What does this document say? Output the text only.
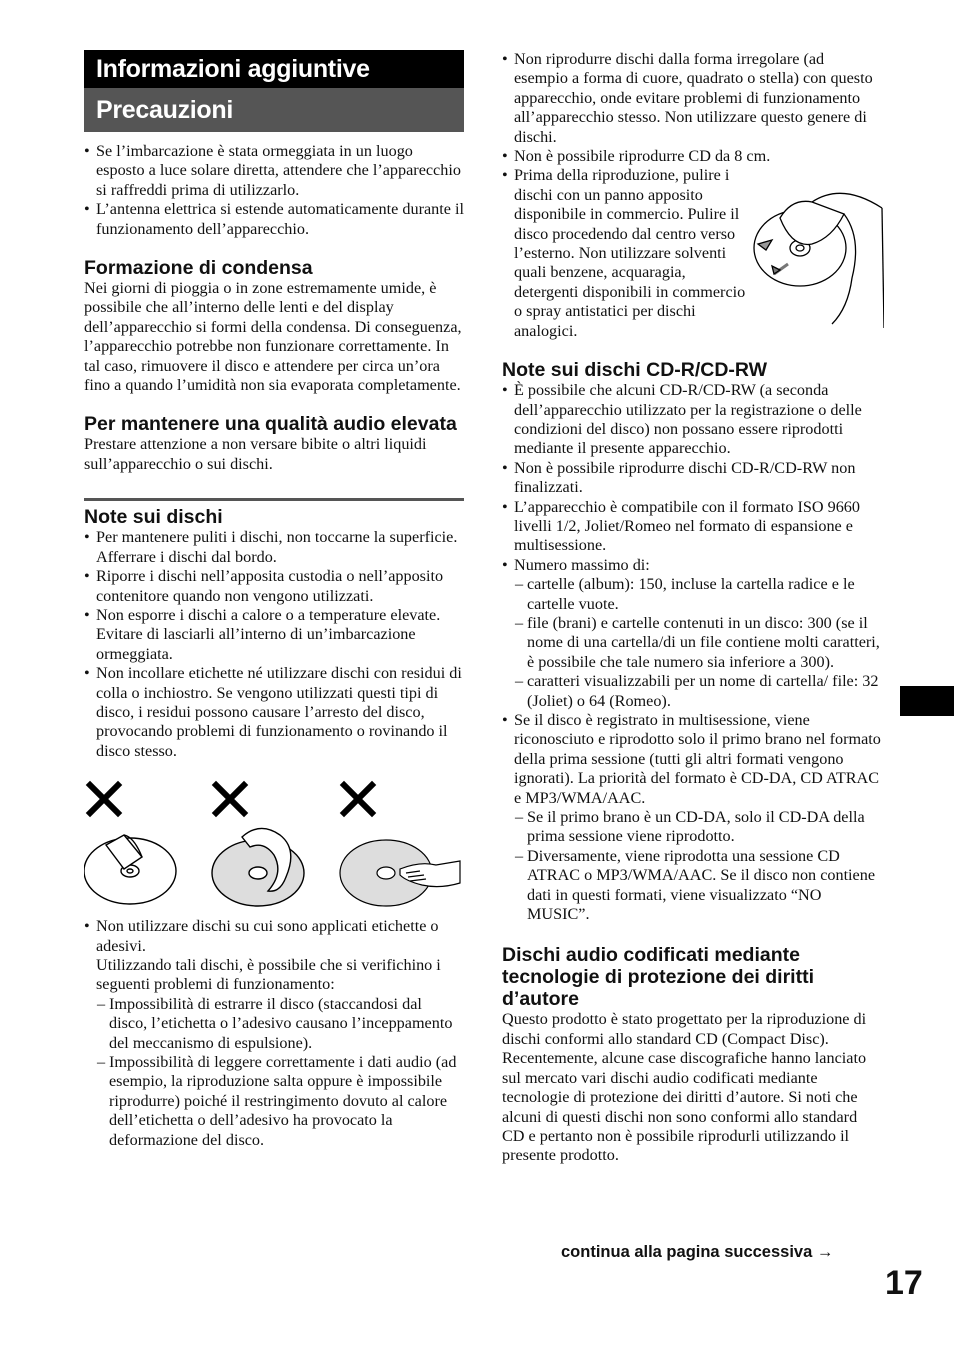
Informazioni aggiuntive
Precauzioni
• Se l’imbarcazione è stata ormeggiata in un luogo esposto a luce solare diretta, attendere che l’apparecchio si raffreddi prima di utilizzarlo.
• L’antenna elettrica si estende automaticamente durante il funzionamento dell’apparecchio.
Formazione di condensa

Nei giorni di pioggia o in zone estremamente umide, è possibile che all’interno delle lenti e del display dell’apparecchio si formi della condensa. Di conseguenza, l’apparecchio potrebbe non funzionare correttamente. In tal caso, rimuovere il disco e attendere per circa un’ora fino a quando l’umidità non sia evaporata completamente.

Per mantenere una qualità audio elevata

Prestare attenzione a non versare bibite o altri liquidi sull’apparecchio o sui dischi.

Note sui dischi
• Per mantenere puliti i dischi, non toccarne la superficie. Afferrare i dischi dal bordo.
• Riporre i dischi nell’apposita custodia o nell’apposito contenitore quando non vengono utilizzati.
• Non esporre i dischi a calore o a temperature elevate. Evitare di lasciarli all’interno di un’imbarcazione ormeggiata.
• Non incollare etichette né utilizzare dischi con residui di colla o inchiostro. Se vengono utilizzati questi tipi di disco, i residui possono causare l’arresto del disco, provocando problemi di funzionamento o rovinando il disco stesso.
• Non utilizzare dischi su cui sono applicati etichette o adesivi.
Utilizzando tali dischi, è possibile che si verifichino i seguenti problemi di funzionamento:
– Impossibilità di estrarre il disco (staccandosi dal disco, l’etichetta o l’adesivo causano l’inceppamento del meccanismo di espulsione).
– Impossibilità di leggere correttamente i dati audio (ad esempio, la riproduzione salta oppure è impossibile riprodurre) poiché il restringimento dovuto al calore dell’etichetta o dell’adesivo ha provocato la deformazione del disco.
• Non riprodurre dischi dalla forma irregolare (ad esempio a forma di cuore, quadrato o stella) con questo apparecchio, onde evitare problemi di funzionamento all’apparecchio stesso. Non utilizzare questo genere di dischi.
• Non è possibile riprodurre CD da 8 cm.
• Prima della riproduzione, pulire i dischi con un panno apposito disponibile in commercio. Pulire il disco procedendo dal centro verso l’esterno. Non utilizzare solventi quali benzene, acquaragia, detergenti disponibili in commercio o spray antistatici per dischi analogici.
Note sui dischi CD-R/CD-RW
• È possibile che alcuni CD-R/CD-RW (a seconda dell’apparecchio utilizzato per la registrazione o delle condizioni del disco) non possano essere riprodotti mediante il presente apparecchio.
• Non è possibile riprodurre dischi CD-R/CD-RW non finalizzati.
• L’apparecchio è compatibile con il formato ISO 9660 livelli 1/2, Joliet/Romeo nel formato di espansione e multisessione.
• Numero massimo di:
– cartelle (album): 150, incluse la cartella radice e le cartelle vuote.
– file (brani) e cartelle contenuti in un disco: 300 (se il nome di una cartella/di un file contiene molti caratteri, è possibile che tale numero sia inferiore a 300).
– caratteri visualizzabili per un nome di cartella/ file: 32 (Joliet) o 64 (Romeo).
• Se il disco è registrato in multisessione, viene riconosciuto e riprodotto solo il primo brano nel formato della prima sessione (tutti gli altri formati vengono ignorati). La priorità del formato è CD-DA, CD ATRAC e MP3/WMA/AAC.
– Se il primo brano è un CD-DA, solo il CD-DA della prima sessione viene riprodotto.
– Diversamente, viene riprodotta una sessione CD ATRAC o MP3/WMA/AAC. Se il disco non contiene dati in questi formati, viene visualizzato “NO MUSIC”.
Dischi audio codificati mediante tecnologie di protezione dei diritti d’autore

Questo prodotto è stato progettato per la riproduzione di dischi conformi allo standard CD (Compact Disc).

Recentemente, alcune case discografiche hanno lanciato sul mercato vari dischi audio codificati mediante tecnologie di protezione dei diritti d’autore. Si noti che alcuni di questi dischi non sono conformi allo standard CD e pertanto non è possibile riprodurli utilizzando il presente prodotto.

continua alla pagina successiva →
17
